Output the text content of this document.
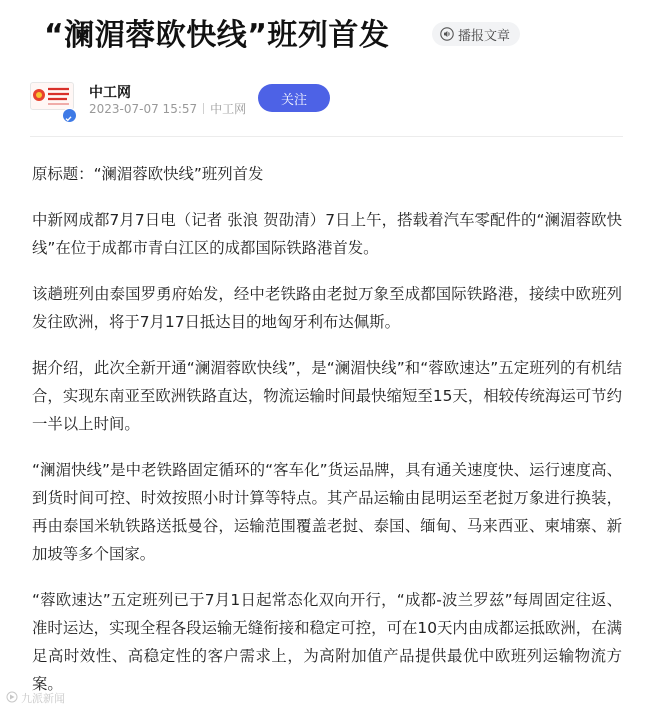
“澜湄蓉欧快线”班列首发	播报文章
中工网
2023-07-07 15:57 中工网
关注

原标题：“澜湄蓉欧快线”班列首发

中新网成都7月7日电（记者 张浪 贺劭清）7日上午，搭载着汽车零配件的“澜湄蓉欧快线”在位于成都市青白江区的成都国际铁路港首发。

该趟班列由泰国罗勇府始发，经中老铁路由老挝万象至成都国际铁路港，接续中欧班列发往欧洲，将于7月17日抵达目的地匈牙利布达佩斯。

据介绍，此次全新开通“澜湄蓉欧快线”，是“澜湄快线”和“蓉欧速达”五定班列的有机结合，实现东南亚至欧洲铁路直达，物流运输时间最快缩短至15天，相较传统海运可节约一半以上时间。

“澜湄快线”是中老铁路固定循环的“客车化”货运品牌，具有通关速度快、运行速度高、到货时间可控、时效按照小时计算等特点。其产品运输由昆明运至老挝万象进行换装，再由泰国米轨铁路送抵曼谷，运输范围覆盖老挝、泰国、缅甸、马来西亚、柬埔寨、新加坡等多个国家。

“蓉欧速达”五定班列已于7月1日起常态化双向开行，“成都-波兰罗兹”每周固定往返、准时运达，实现全程各段运输无缝衔接和稳定可控，可在10天内由成都运抵欧洲，在满足高时效性、高稳定性的客户需求上，为高附加值产品提供最优中欧班列运输物流方案。

九派新闻
